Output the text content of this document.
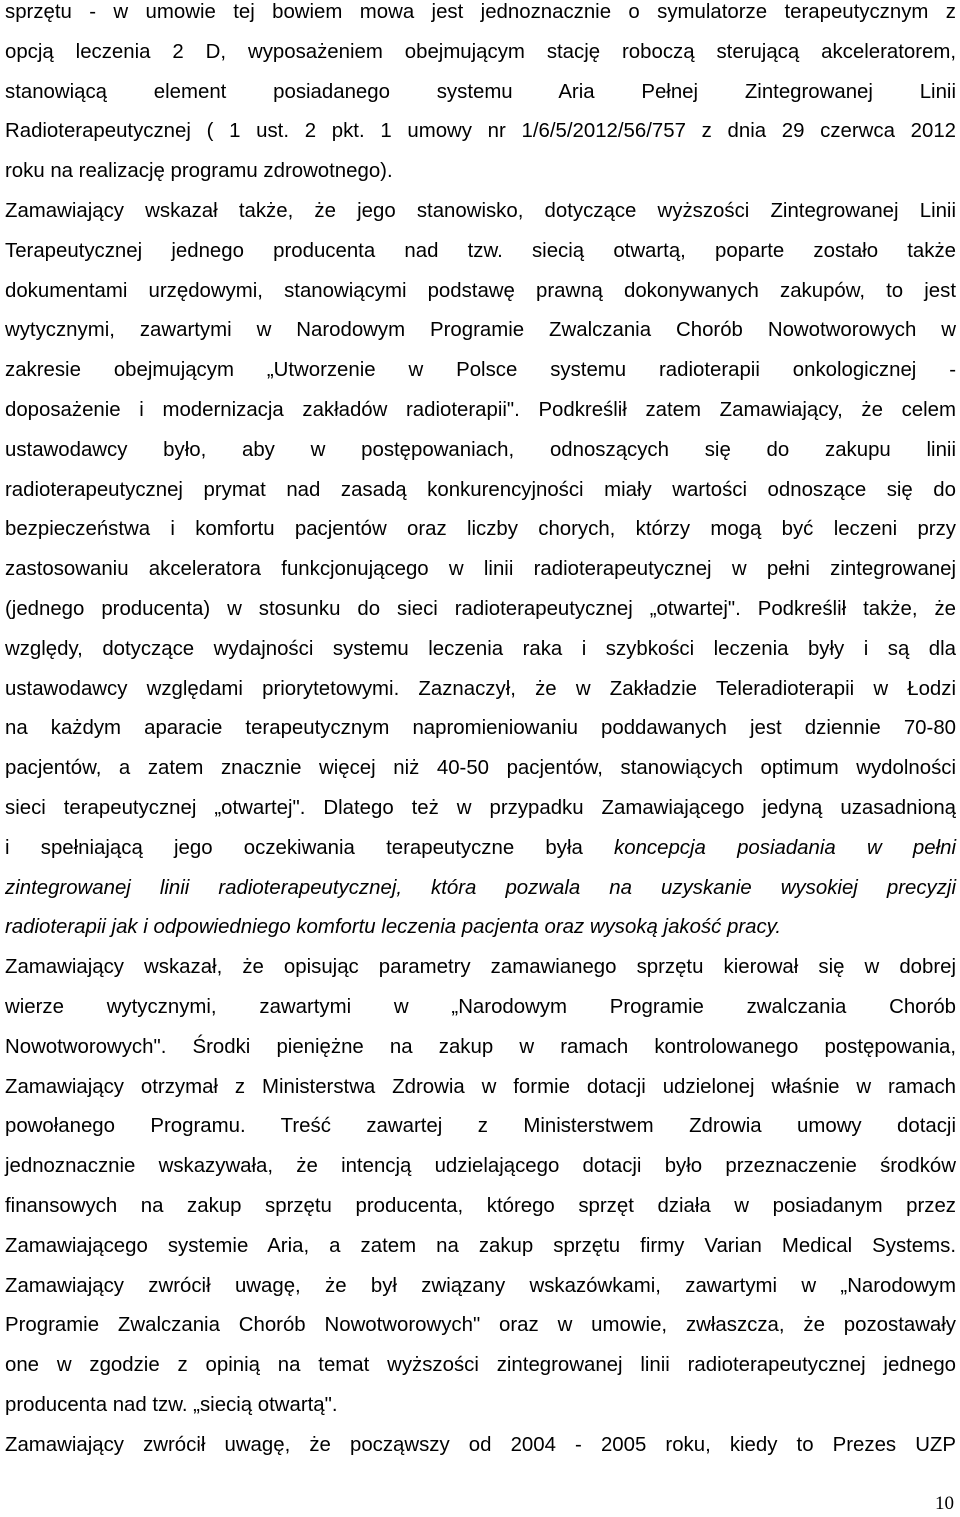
sprzętu - w umowie tej bowiem mowa jest jednoznacznie o symulatorze terapeutycznym z
opcją leczenia 2 D, wyposażeniem obejmującym stację roboczą sterującą akceleratorem,
stanowiącą element posiadanego systemu Aria Pełnej Zintegrowanej Linii
Radioterapeutycznej ( 1 ust. 2 pkt. 1 umowy nr 1/6/5/2012/56/757 z dnia 29 czerwca 2012
roku na realizację programu zdrowotnego).
Zamawiający wskazał także, że jego stanowisko, dotyczące wyższości Zintegrowanej Linii
Terapeutycznej jednego producenta nad tzw. siecią otwartą, poparte zostało także
dokumentami urzędowymi, stanowiącymi podstawę prawną dokonywanych zakupów, to jest
wytycznymi, zawartymi w Narodowym Programie Zwalczania Chorób Nowotworowych w
zakresie obejmującym „Utworzenie w Polsce systemu radioterapii onkologicznej -
doposażenie i modernizacja zakładów radioterapii". Podkreślił zatem Zamawiający, że celem
ustawodawcy było, aby w postępowaniach, odnoszących się do zakupu linii
radioterapeutycznej prymat nad zasadą konkurencyjności miały wartości odnoszące się do
bezpieczeństwa i komfortu pacjentów oraz liczby chorych, którzy mogą być leczeni przy
zastosowaniu akceleratora funkcjonującego w linii radioterapeutycznej w pełni zintegrowanej
(jednego producenta) w stosunku do sieci radioterapeutycznej „otwartej". Podkreślił także, że
względy, dotyczące wydajności systemu leczenia raka i szybkości leczenia były i są dla
ustawodawcy względami priorytetowymi. Zaznaczył, że w Zakładzie Teleradioterapii w Łodzi
na każdym aparacie terapeutycznym napromieniowaniu poddawanych jest dziennie 70-80
pacjentów, a zatem znacznie więcej niż 40-50 pacjentów, stanowiących optimum wydolności
sieci terapeutycznej „otwartej". Dlatego też w przypadku Zamawiającego jedyną uzasadnioną
i spełniającą jego oczekiwania terapeutyczne była koncepcja posiadania w pełni
zintegrowanej linii radioterapeutycznej, która pozwala na uzyskanie wysokiej precyzji
radioterapii jak i odpowiedniego komfortu leczenia pacjenta oraz wysoką jakość pracy.
Zamawiający wskazał, że opisując parametry zamawianego sprzętu kierował się w dobrej
wierze wytycznymi, zawartymi w „Narodowym Programie zwalczania Chorób
Nowotworowych". Środki pieniężne na zakup w ramach kontrolowanego postępowania,
Zamawiający otrzymał z Ministerstwa Zdrowia w formie dotacji udzielonej właśnie w ramach
powołanego Programu. Treść zawartej z Ministerstwem Zdrowia umowy dotacji
jednoznacznie wskazywała, że intencją udzielającego dotacji było przeznaczenie środków
finansowych na zakup sprzętu producenta, którego sprzęt działa w posiadanym przez
Zamawiającego systemie Aria, a zatem na zakup sprzętu firmy Varian Medical Systems.
Zamawiający zwrócił uwagę, że był związany wskazówkami, zawartymi w „Narodowym
Programie Zwalczania Chorób Nowotworowych" oraz w umowie, zwłaszcza, że pozostawały
one w zgodzie z opinią na temat wyższości zintegrowanej linii radioterapeutycznej jednego
producenta nad tzw. „siecią otwartą".
Zamawiający zwrócił uwagę, że począwszy od 2004 - 2005 roku, kiedy to Prezes UZP
10
